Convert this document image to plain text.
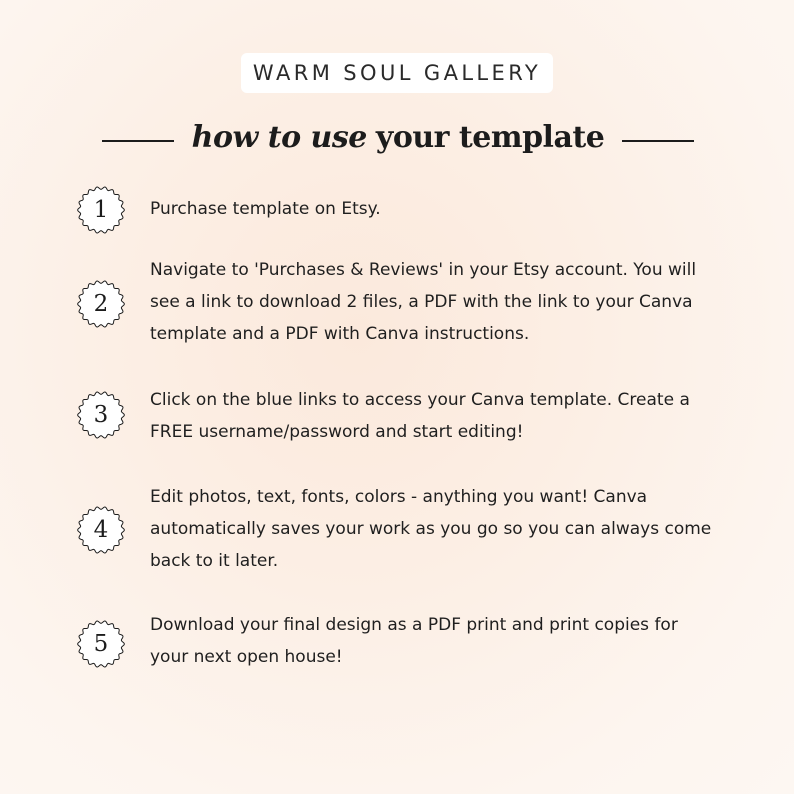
WARM SOUL GALLERY
how to use your template
1	Purchase template on Etsy.

2

Navigate to 'Purchases & Reviews' in your Etsy account. You will see a link to download 2 files, a PDF with the link to your Canva template and a PDF with Canva instructions.

3

Click on the blue links to access your Canva template. Create a FREE username/password and start editing!

4

Edit photos, text, fonts, colors - anything you want! Canva automatically saves your work as you go so you can always come back to it later.

5

Download your final design as a PDF print and print copies for your next open house!
